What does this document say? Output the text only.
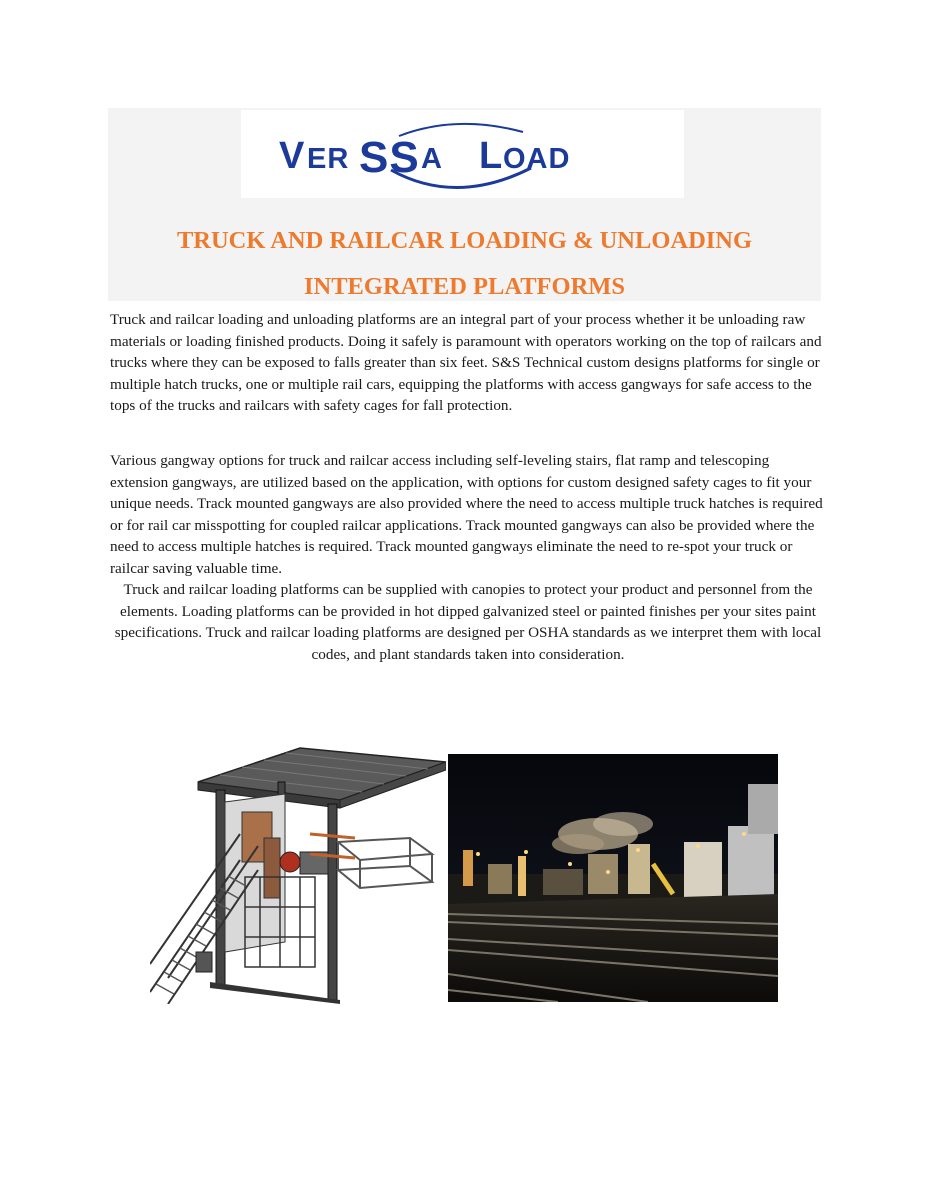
V ER SS A L OAD
TRUCK AND RAILCAR LOADING & UNLOADING
INTEGRATED PLATFORMS

Truck and railcar loading and unloading platforms are an integral part of your process whether it be unloading raw materials or loading finished products. Doing it safely is paramount with operators working on the top of railcars and trucks where they can be exposed to falls greater than six feet. S&S Technical custom designs platforms for single or multiple hatch trucks, one or multiple rail cars, equipping the platforms with access gangways for safe access to the tops of the trucks and railcars with safety cages for fall protection.

Various gangway options for truck and railcar access including self-leveling stairs, flat ramp and telescoping extension gangways, are utilized based on the application, with options for custom designed safety cages to fit your unique needs. Track mounted gangways are also provided where the need to access multiple truck hatches is required or for rail car misspotting for coupled railcar applications. Track mounted gangways can also be provided where the need to access multiple hatches is required. Track mounted gangways eliminate the need to re-spot your truck or railcar saving valuable time.

Truck and railcar loading platforms can be supplied with canopies to protect your product and personnel from the elements. Loading platforms can be provided in hot dipped galvanized steel or painted finishes per your sites paint specifications. Truck and railcar loading platforms are designed per OSHA standards as we interpret them with local codes, and plant standards taken into consideration.
